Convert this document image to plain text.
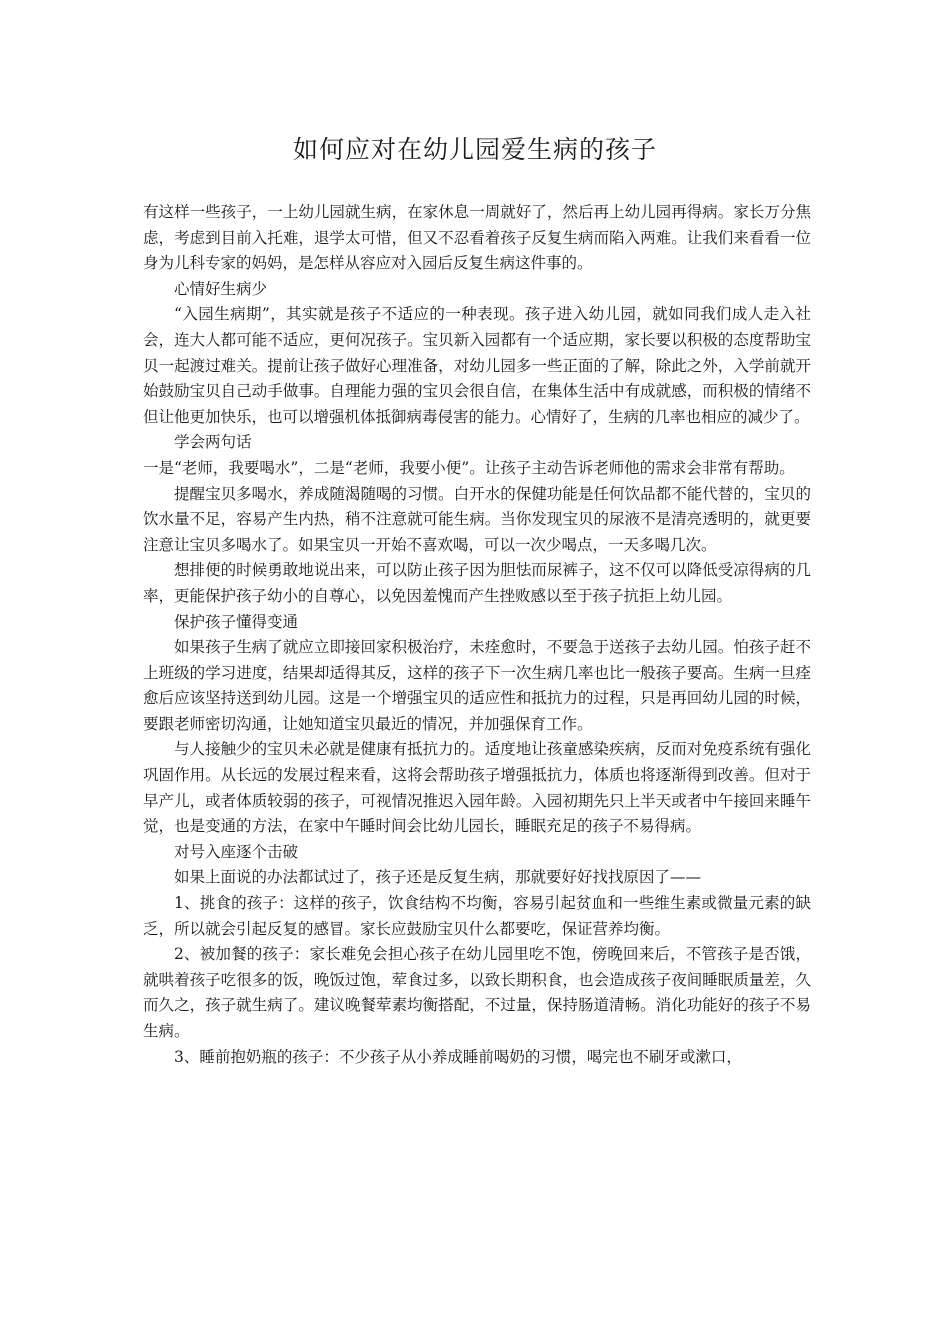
如何应对在幼儿园爱生病的孩子

有这样一些孩子，一上幼儿园就生病，在家休息一周就好了，然后再上幼儿园再得病。家长万分焦虑，考虑到目前入托难，退学太可惜，但又不忍看着孩子反复生病而陷入两难。让我们来看看一位身为儿科专家的妈妈，是怎样从容应对入园后反复生病这件事的。

心情好生病少

“入园生病期”，其实就是孩子不适应的一种表现。孩子进入幼儿园，就如同我们成人走入社会，连大人都可能不适应，更何况孩子。宝贝新入园都有一个适应期，家长要以积极的态度帮助宝贝一起渡过难关。提前让孩子做好心理准备，对幼儿园多一些正面的了解，除此之外，入学前就开始鼓励宝贝自己动手做事。自理能力强的宝贝会很自信，在集体生活中有成就感，而积极的情绪不但让他更加快乐，也可以增强机体抵御病毒侵害的能力。心情好了，生病的几率也相应的减少了。

学会两句话

一是“老师，我要喝水”，二是“老师，我要小便”。让孩子主动告诉老师他的需求会非常有帮助。

提醒宝贝多喝水，养成随渴随喝的习惯。白开水的保健功能是任何饮品都不能代替的，宝贝的饮水量不足，容易产生内热，稍不注意就可能生病。当你发现宝贝的尿液不是清亮透明的，就更要注意让宝贝多喝水了。如果宝贝一开始不喜欢喝，可以一次少喝点，一天多喝几次。

想排便的时候勇敢地说出来，可以防止孩子因为胆怯而尿裤子，这不仅可以降低受凉得病的几率，更能保护孩子幼小的自尊心，以免因羞愧而产生挫败感以至于孩子抗拒上幼儿园。

保护孩子懂得变通

如果孩子生病了就应立即接回家积极治疗，未痊愈时，不要急于送孩子去幼儿园。怕孩子赶不上班级的学习进度，结果却适得其反，这样的孩子下一次生病几率也比一般孩子要高。生病一旦痊愈后应该坚持送到幼儿园。这是一个增强宝贝的适应性和抵抗力的过程，只是再回幼儿园的时候，要跟老师密切沟通，让她知道宝贝最近的情况，并加强保育工作。

与人接触少的宝贝未必就是健康有抵抗力的。适度地让孩童感染疾病，反而对免疫系统有强化巩固作用。从长远的发展过程来看，这将会帮助孩子增强抵抗力，体质也将逐渐得到改善。但对于早产儿，或者体质较弱的孩子，可视情况推迟入园年龄。入园初期先只上半天或者中午接回来睡午觉，也是变通的方法，在家中午睡时间会比幼儿园长，睡眠充足的孩子不易得病。

对号入座逐个击破

如果上面说的办法都试过了，孩子还是反复生病，那就要好好找找原因了——

1、挑食的孩子：这样的孩子，饮食结构不均衡，容易引起贫血和一些维生素或微量元素的缺乏，所以就会引起反复的感冒。家长应鼓励宝贝什么都要吃，保证营养均衡。

2、被加餐的孩子：家长难免会担心孩子在幼儿园里吃不饱，傍晚回来后，不管孩子是否饿，就哄着孩子吃很多的饭，晚饭过饱，荤食过多，以致长期积食，也会造成孩子夜间睡眠质量差，久而久之，孩子就生病了。建议晚餐荤素均衡搭配，不过量，保持肠道清畅。消化功能好的孩子不易生病。

3、睡前抱奶瓶的孩子：不少孩子从小养成睡前喝奶的习惯，喝完也不刷牙或漱口，
